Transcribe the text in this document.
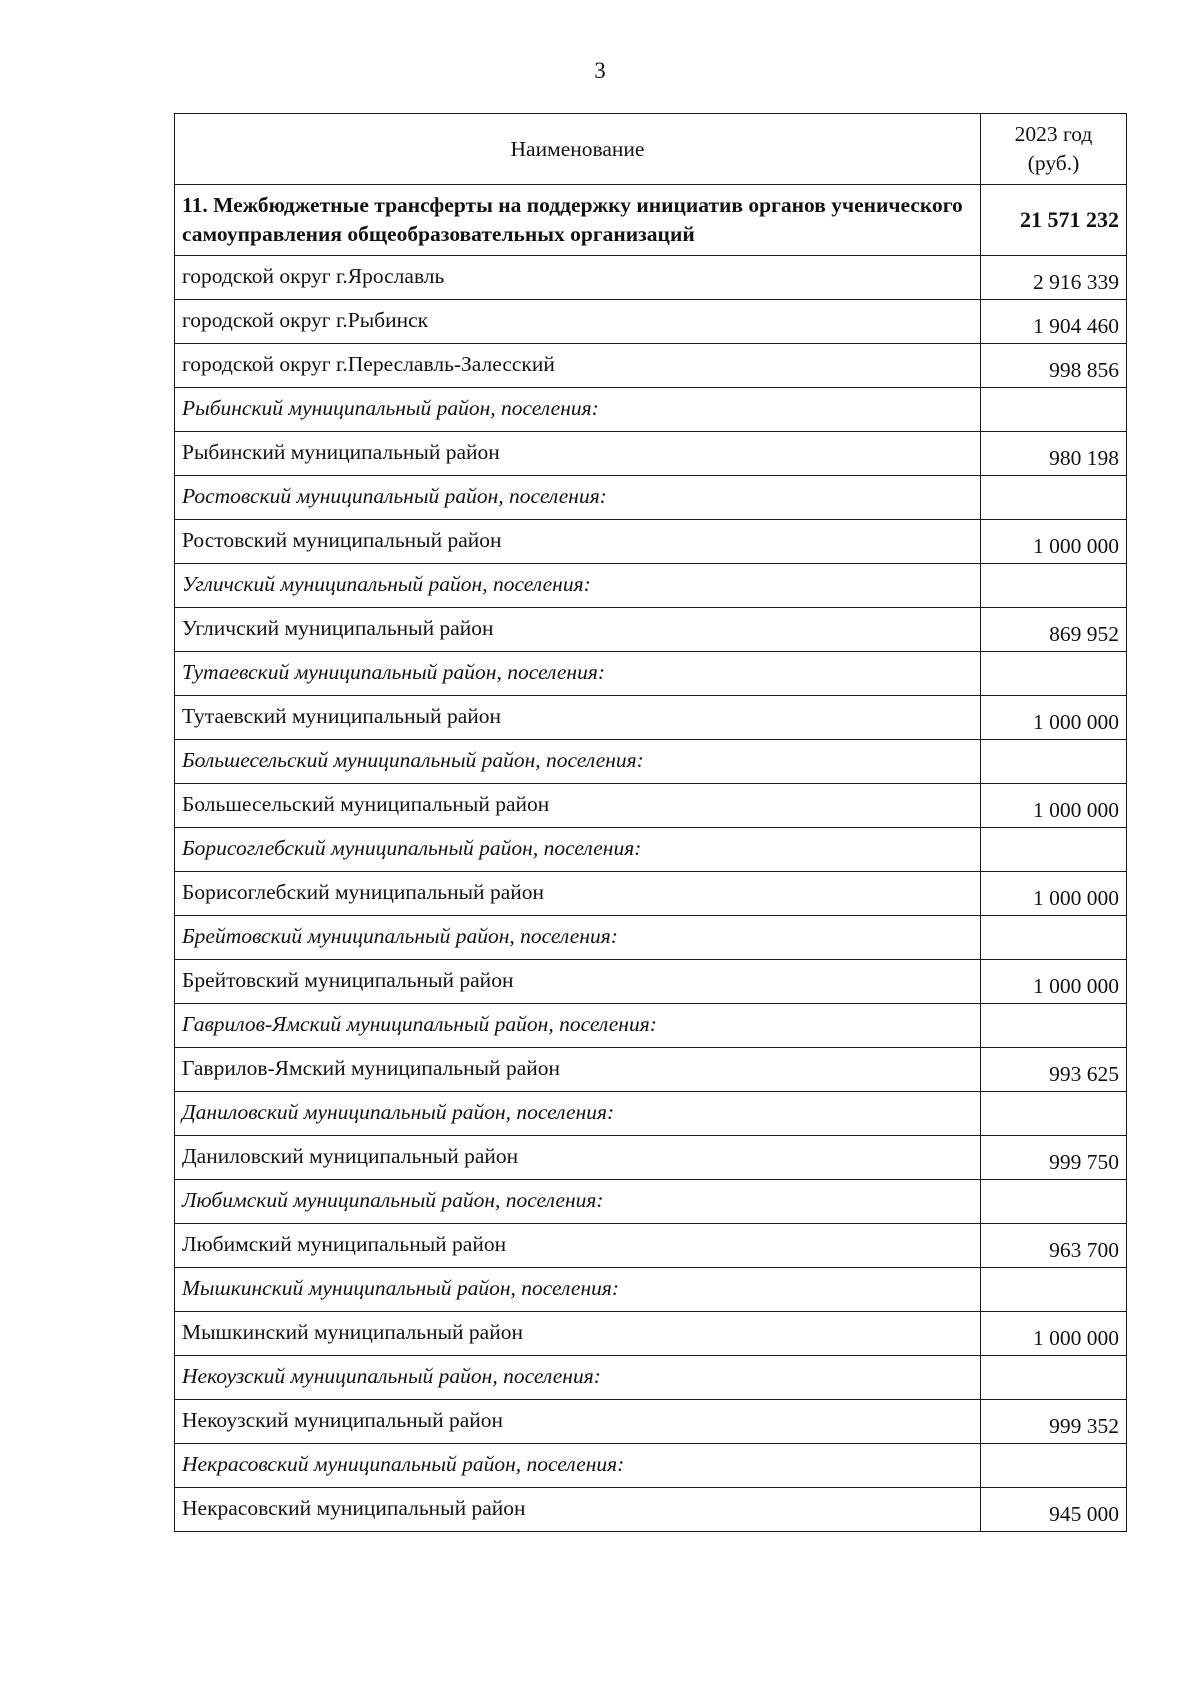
3
Наименование	2023 год
(руб.)

11. Межбюджетные трансферты на поддержку инициатив органов ученического самоуправления общеобразовательных организаций	21 571 232
городской округ г.Ярославль	2 916 339
городской округ г.Рыбинск	1 904 460
городской округ г.Переславль-Залесский	998 856
Рыбинский муниципальный район, поселения:	
Рыбинский муниципальный район	980 198
Ростовский муниципальный район, поселения:	
Ростовский муниципальный район	1 000 000
Угличский муниципальный район, поселения:	
Угличский муниципальный район	869 952
Тутаевский муниципальный район, поселения:	
Тутаевский муниципальный район	1 000 000
Большесельский муниципальный район, поселения:	
Большесельский муниципальный район	1 000 000
Борисоглебский муниципальный район, поселения:	
Борисоглебский муниципальный район	1 000 000
Брейтовский муниципальный район, поселения:	
Брейтовский муниципальный район	1 000 000
Гаврилов-Ямский муниципальный район, поселения:	
Гаврилов-Ямский муниципальный район	993 625
Даниловский муниципальный район, поселения:	
Даниловский муниципальный район	999 750
Любимский муниципальный район, поселения:	
Любимский муниципальный район	963 700
Мышкинский муниципальный район, поселения:	
Мышкинский муниципальный район	1 000 000
Некоузский муниципальный район, поселения:	
Некоузский муниципальный район	999 352
Некрасовский муниципальный район, поселения:	
Некрасовский муниципальный район	945 000
